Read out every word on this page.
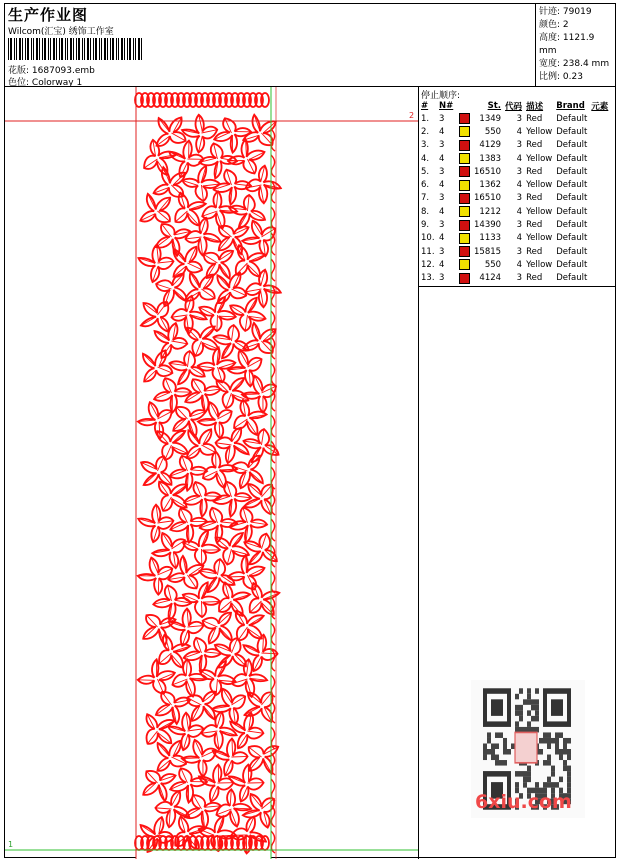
生产作业图
Wilcom(汇宝) 绣饰工作室
花版: 1687093.emb
色位: Colorway 1
针迹: 79019
颜色: 2
高度: 1121.9 mm
宽度: 238.4 mm
比例: 0.23
2
1
停止顺序:
#	N#	St.		代码	描述	Brand	元素
1.	3		1349	3	Red	Default	
2.	4		550	4	Yellow	Default	
3.	3		4129	3	Red	Default	
4.	4		1383	4	Yellow	Default	
5.	3		16510	3	Red	Default	
6.	4		1362	4	Yellow	Default	
7.	3		16510	3	Red	Default	
8.	4		1212	4	Yellow	Default	
9.	3		14390	3	Red	Default	
10.	4		1133	4	Yellow	Default	
11.	3		15815	3	Red	Default	
12.	4		550	4	Yellow	Default	
13.	3		4124	3	Red	Default	
6xiu.com
